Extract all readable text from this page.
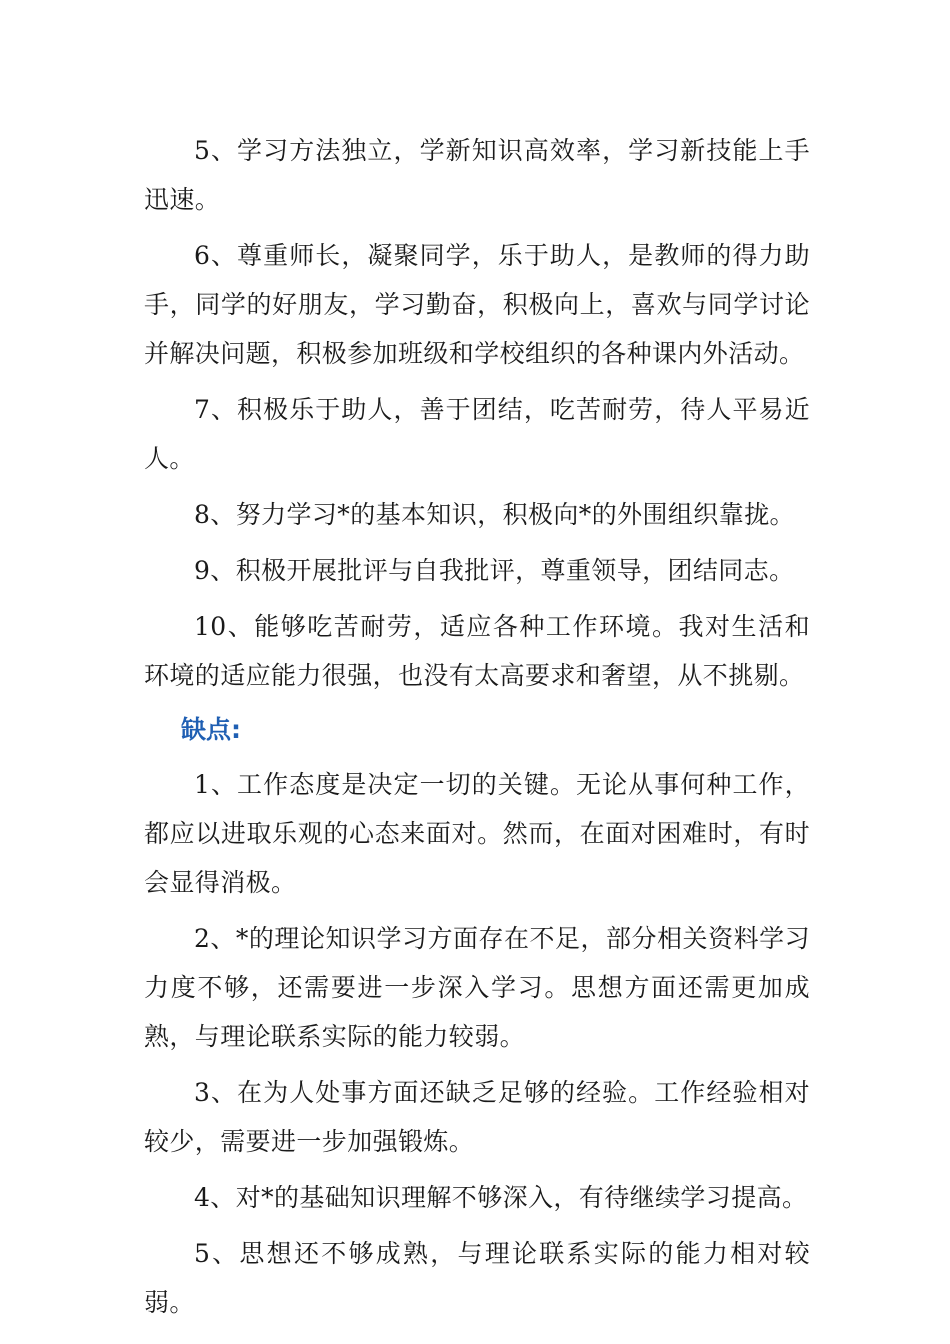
5、学习方法独立，学新知识高效率，学习新技能上手迅速。

6、尊重师长，凝聚同学，乐于助人，是教师的得力助手，同学的好朋友，学习勤奋，积极向上，喜欢与同学讨论并解决问题，积极参加班级和学校组织的各种课内外活动。

7、积极乐于助人，善于团结，吃苦耐劳，待人平易近人。

8、努力学习*的基本知识，积极向*的外围组织靠拢。

9、积极开展批评与自我批评，尊重领导，团结同志。

10、能够吃苦耐劳，适应各种工作环境。我对生活和环境的适应能力很强，也没有太高要求和奢望，从不挑剔。

缺点:

1、工作态度是决定一切的关键。无论从事何种工作，都应以进取乐观的心态来面对。然而，在面对困难时，有时会显得消极。

2、*的理论知识学习方面存在不足，部分相关资料学习力度不够，还需要进一步深入学习。思想方面还需更加成熟，与理论联系实际的能力较弱。

3、在为人处事方面还缺乏足够的经验。工作经验相对较少，需要进一步加强锻炼。

4、对*的基础知识理解不够深入，有待继续学习提高。

5、思想还不够成熟，与理论联系实际的能力相对较弱。
